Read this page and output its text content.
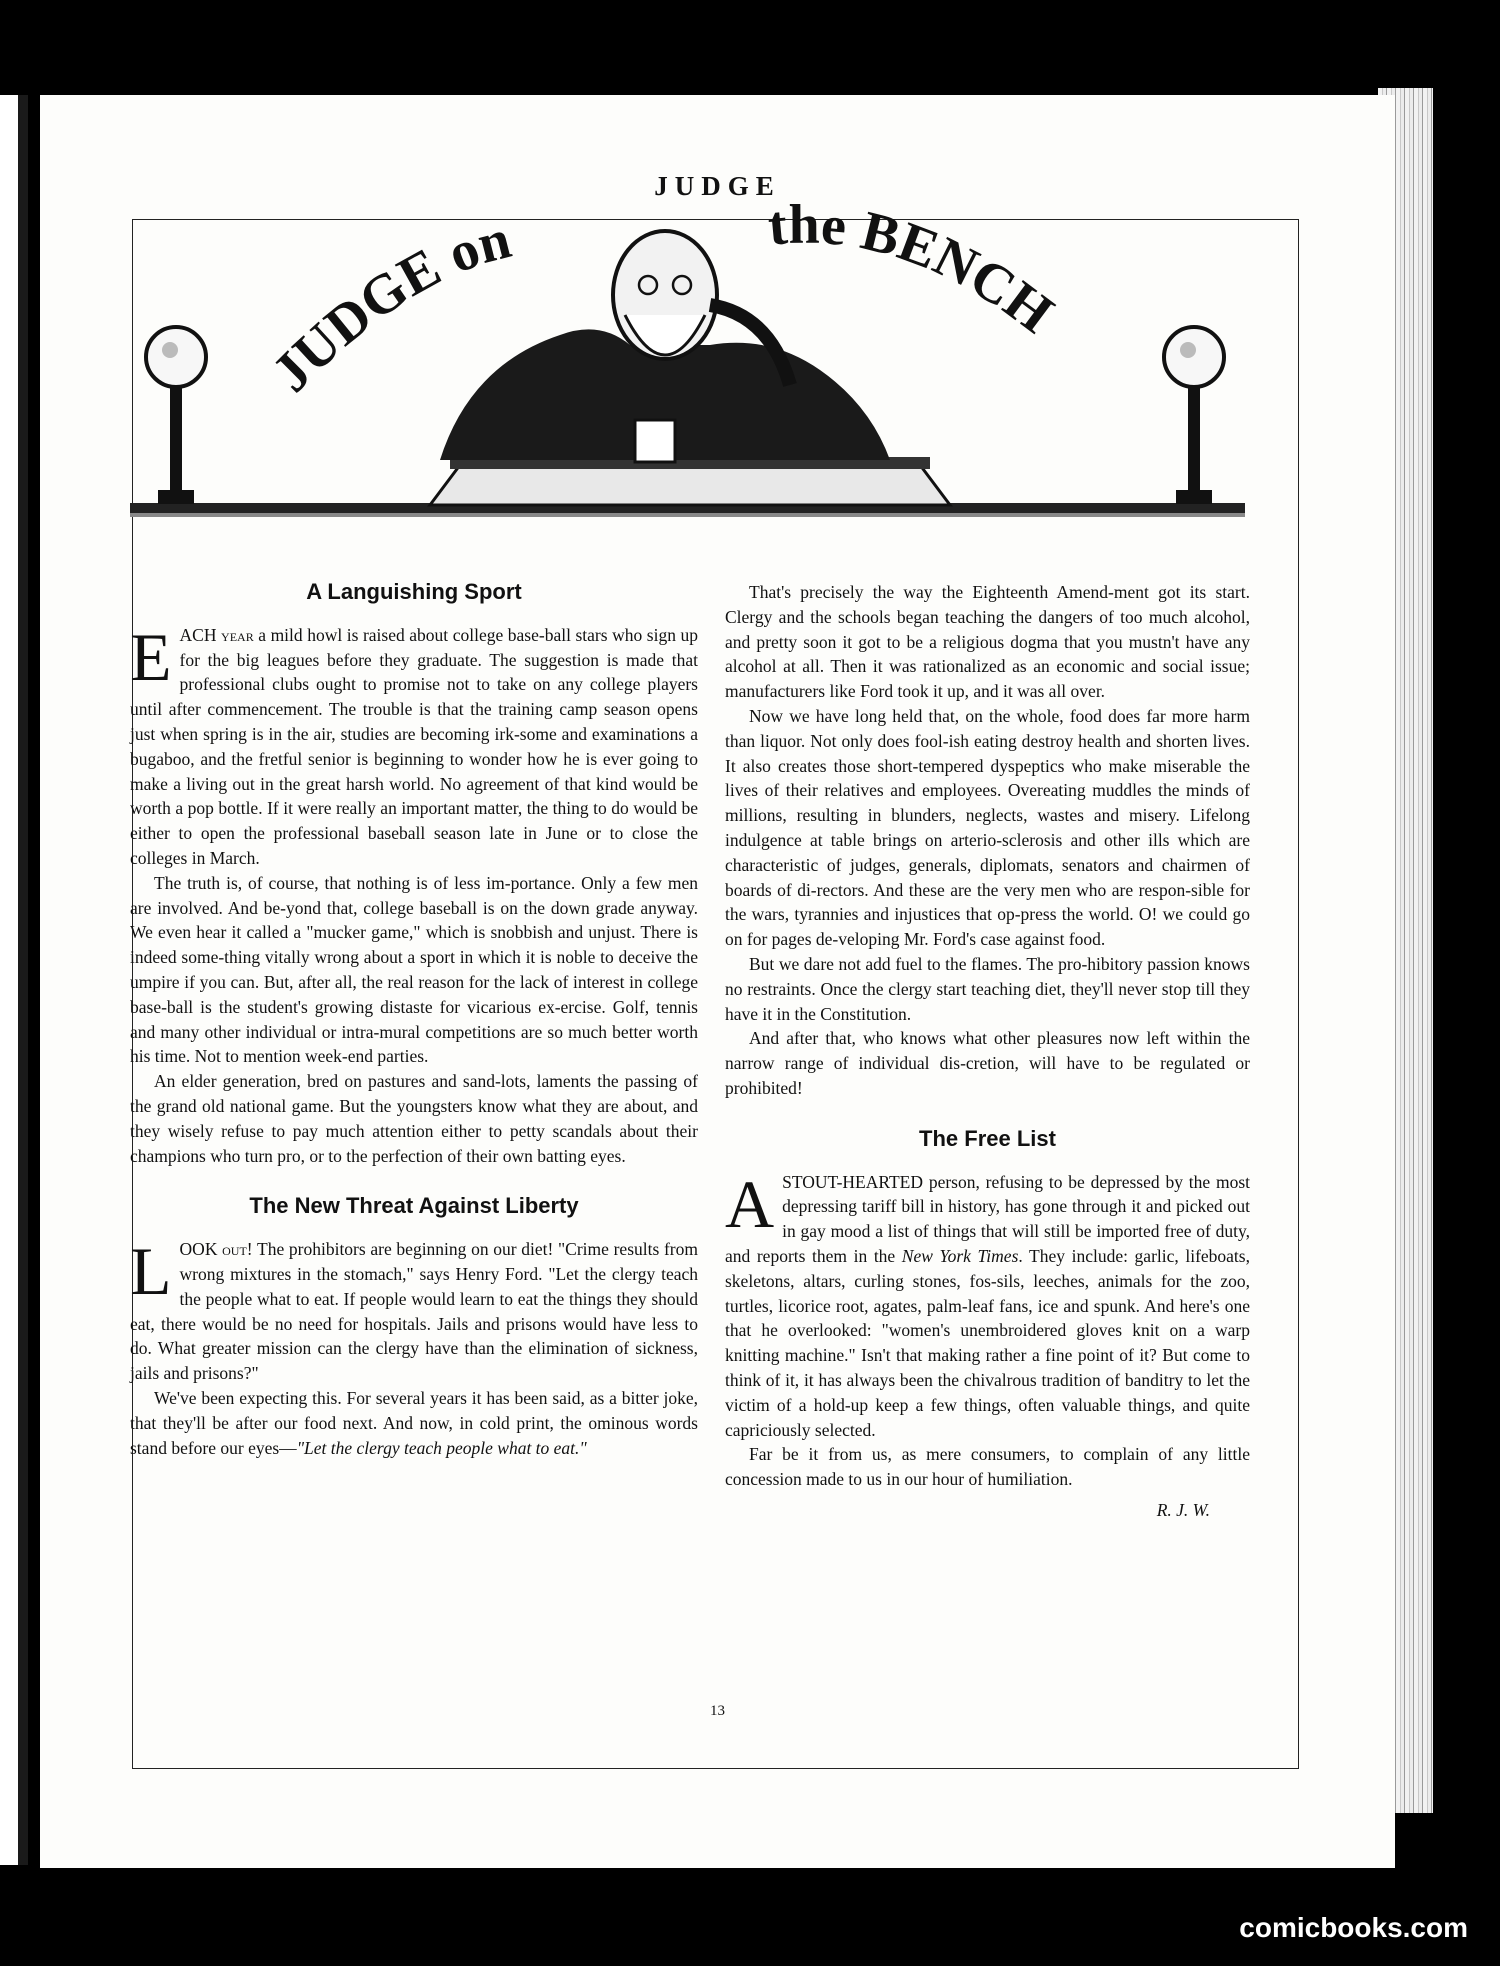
JUDGE
JUDGE on	the BENCH
A Languishing Sport

EACH year a mild howl is raised about college base-ball stars who sign up for the big leagues before they graduate. The suggestion is made that professional clubs ought to promise not to take on any college players until after commencement. The trouble is that the training camp season opens just when spring is in the air, studies are becoming irk-some and examinations a bugaboo, and the fretful senior is beginning to wonder how he is ever going to make a living out in the great harsh world. No agreement of that kind would be worth a pop bottle. If it were really an important matter, the thing to do would be either to open the professional baseball season late in June or to close the colleges in March.

The truth is, of course, that nothing is of less im-portance. Only a few men are involved. And be-yond that, college baseball is on the down grade anyway. We even hear it called a "mucker game," which is snobbish and unjust. There is indeed some-thing vitally wrong about a sport in which it is noble to deceive the umpire if you can. But, after all, the real reason for the lack of interest in college base-ball is the student's growing distaste for vicarious ex-ercise. Golf, tennis and many other individual or intra-mural competitions are so much better worth his time. Not to mention week-end parties.

An elder generation, bred on pastures and sand-lots, laments the passing of the grand old national game. But the youngsters know what they are about, and they wisely refuse to pay much attention either to petty scandals about their champions who turn pro, or to the perfection of their own batting eyes.

The New Threat Against Liberty

LOOK out! The prohibitors are beginning on our diet! "Crime results from wrong mixtures in the stomach," says Henry Ford. "Let the clergy teach the people what to eat. If people would learn to eat the things they should eat, there would be no need for hospitals. Jails and prisons would have less to do. What greater mission can the clergy have than the elimination of sickness, jails and prisons?"

We've been expecting this. For several years it has been said, as a bitter joke, that they'll be after our food next. And now, in cold print, the ominous words stand before our eyes—"Let the clergy teach people what to eat."

That's precisely the way the Eighteenth Amend-ment got its start. Clergy and the schools began teaching the dangers of too much alcohol, and pretty soon it got to be a religious dogma that you mustn't have any alcohol at all. Then it was rationalized as an economic and social issue; manufacturers like Ford took it up, and it was all over.

Now we have long held that, on the whole, food does far more harm than liquor. Not only does fool-ish eating destroy health and shorten lives. It also creates those short-tempered dyspeptics who make miserable the lives of their relatives and employees. Overeating muddles the minds of millions, resulting in blunders, neglects, wastes and misery. Lifelong indulgence at table brings on arterio-sclerosis and other ills which are characteristic of judges, generals, diplomats, senators and chairmen of boards of di-rectors. And these are the very men who are respon-sible for the wars, tyrannies and injustices that op-press the world. O! we could go on for pages de-veloping Mr. Ford's case against food.

But we dare not add fuel to the flames. The pro-hibitory passion knows no restraints. Once the clergy start teaching diet, they'll never stop till they have it in the Constitution.

And after that, who knows what other pleasures now left within the narrow range of individual dis-cretion, will have to be regulated or prohibited!

The Free List

ASTOUT-HEARTED person, refusing to be depressed by the most depressing tariff bill in history, has gone through it and picked out in gay mood a list of things that will still be imported free of duty, and reports them in the New York Times. They include: garlic, lifeboats, skeletons, altars, curling stones, fos-sils, leeches, animals for the zoo, turtles, licorice root, agates, palm-leaf fans, ice and spunk. And here's one that he overlooked: "women's unembroidered gloves knit on a warp knitting machine." Isn't that making rather a fine point of it? But come to think of it, it has always been the chivalrous tradition of banditry to let the victim of a hold-up keep a few things, often valuable things, and quite capriciously selected.

Far be it from us, as mere consumers, to complain of any little concession made to us in our hour of humiliation.

R. J. W.
13
comicbooks.com
